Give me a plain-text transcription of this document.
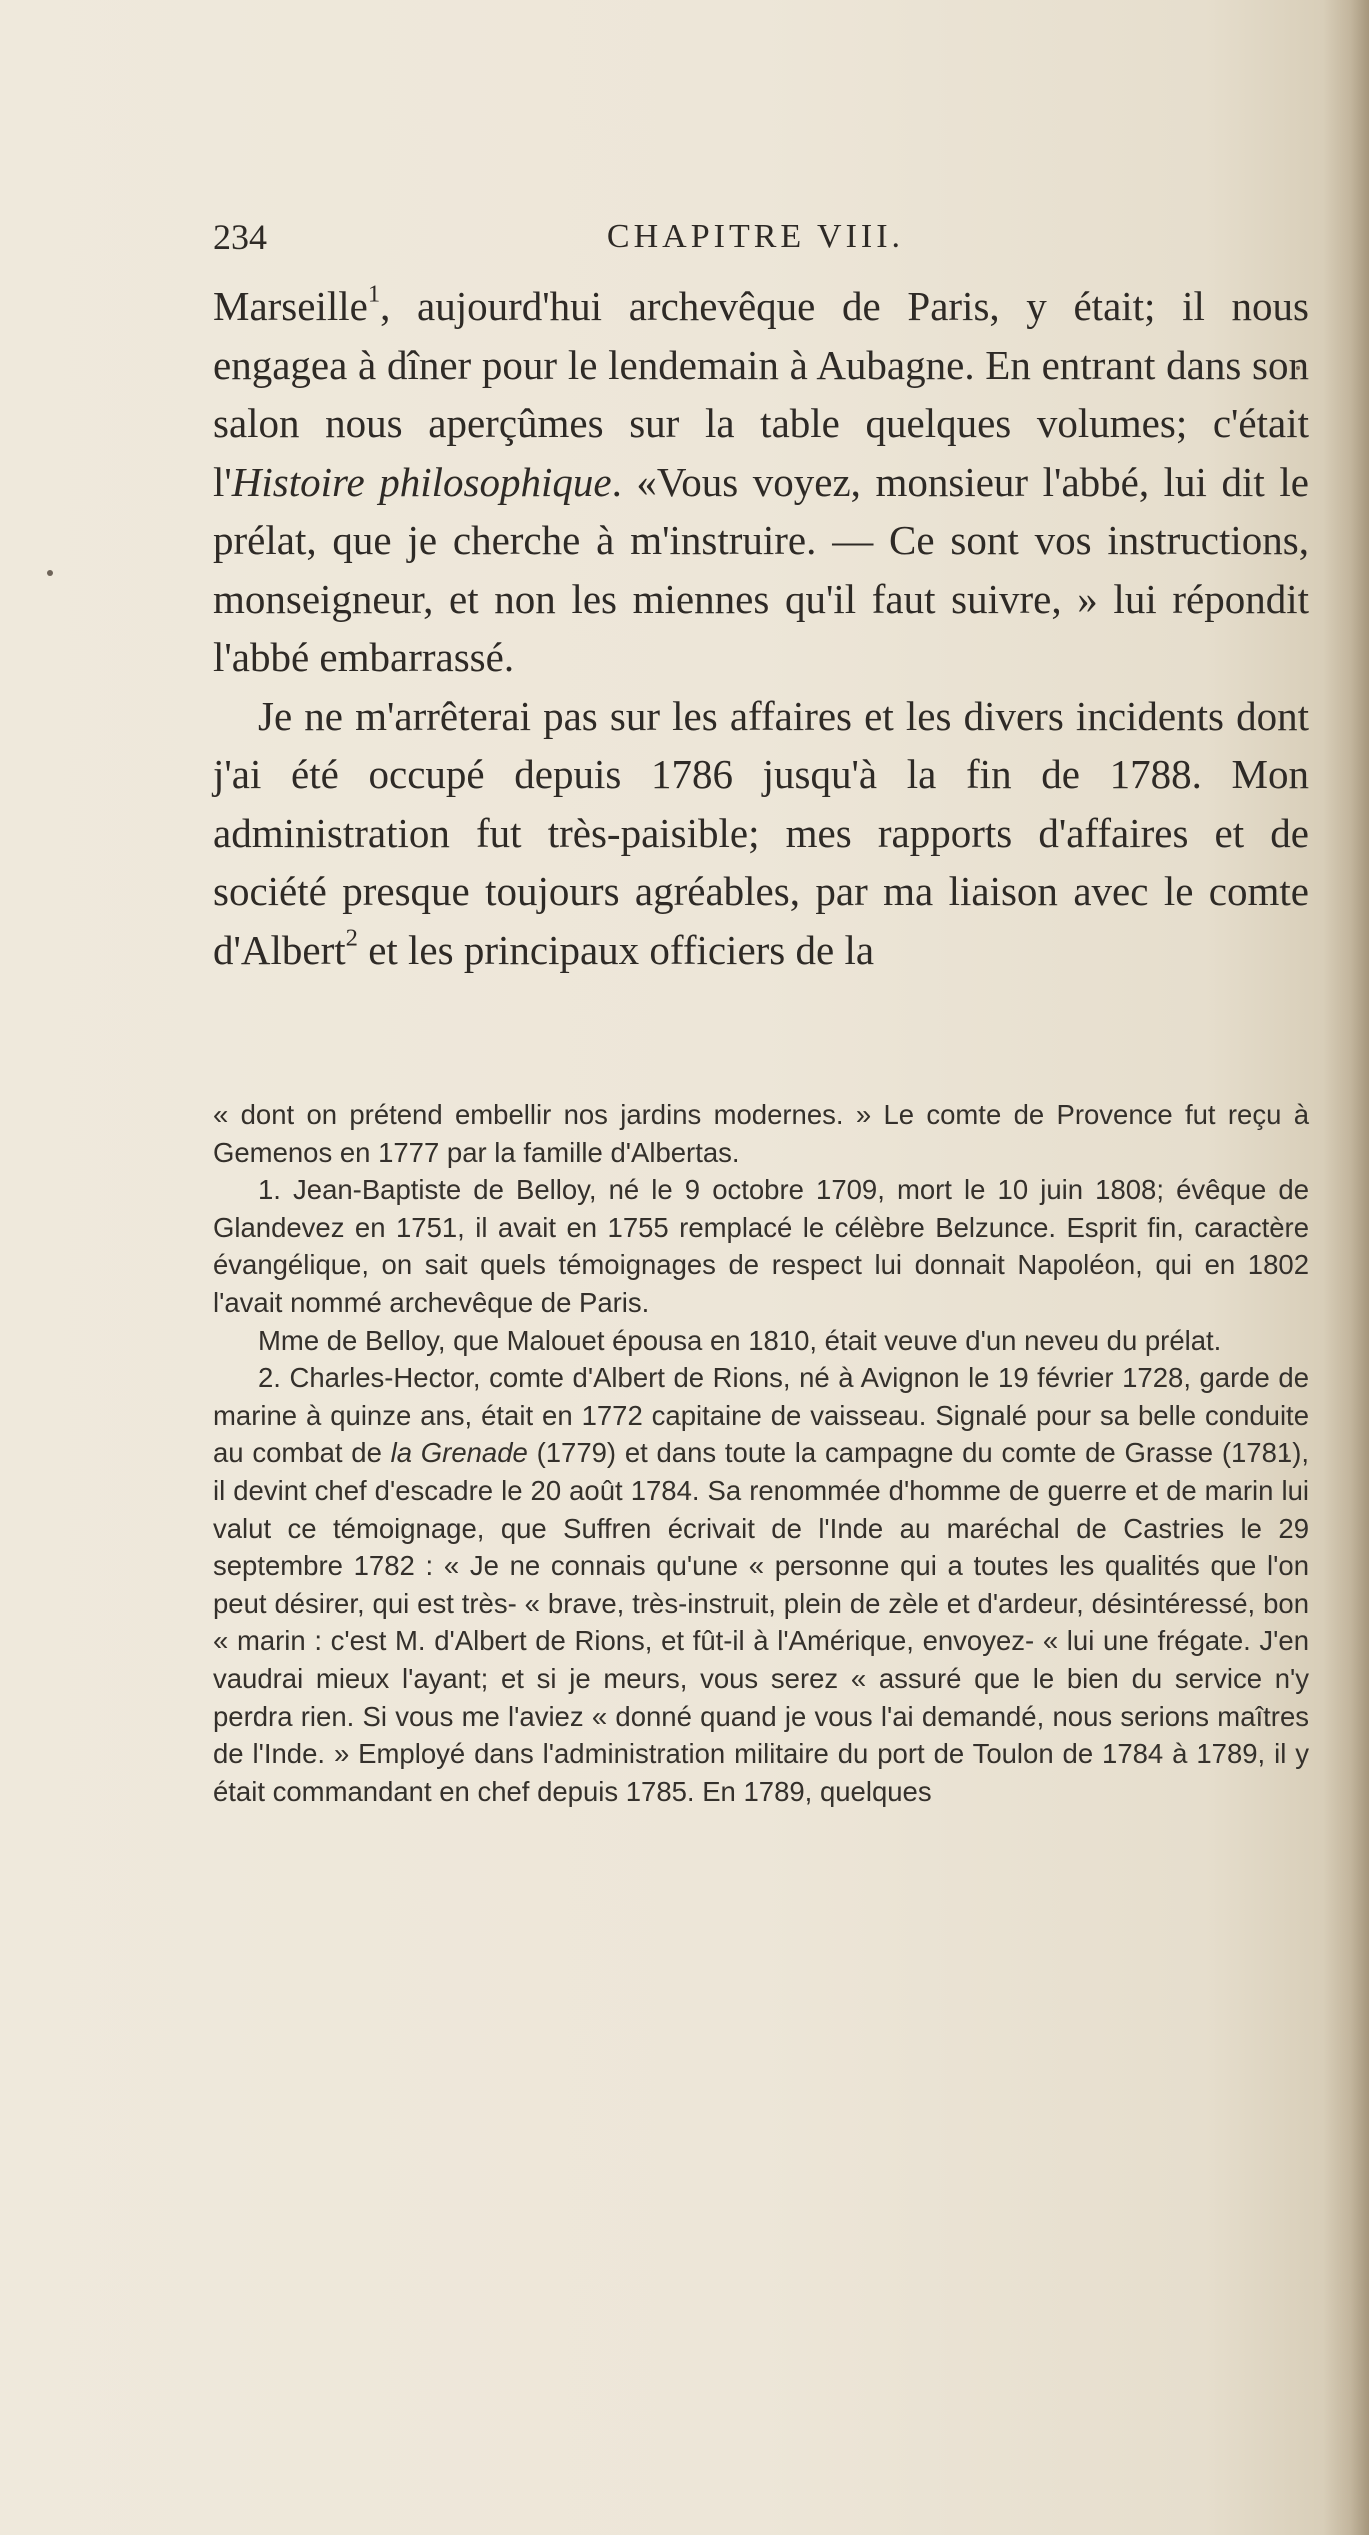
234	CHAPITRE VIII.

Marseille$^1$, aujourd'hui archevêque de Paris, y était; il nous engagea à dîner pour le lendemain à Aubagne. En entrant dans son salon nous aperçûmes sur la table quelques volumes; c'était l'Histoire philosophique. «Vous voyez, monsieur l'abbé, lui dit le prélat, que je cherche à m'instruire. — Ce sont vos instructions, monseigneur, et non les miennes qu'il faut suivre, » lui répondit l'abbé embarrassé.

Je ne m'arrêterai pas sur les affaires et les divers incidents dont j'ai été occupé depuis 1786 jusqu'à la fin de 1788. Mon administration fut très-paisible; mes rapports d'affaires et de société presque toujours agréables, par ma liaison avec le comte d'Albert$^2$ et les principaux officiers de la

« dont on prétend embellir nos jardins modernes. » Le comte de Provence fut reçu à Gemenos en 1777 par la famille d'Albertas.

1. Jean-Baptiste de Belloy, né le 9 octobre 1709, mort le 10 juin 1808; évêque de Glandevez en 1751, il avait en 1755 remplacé le célèbre Belzunce. Esprit fin, caractère évangélique, on sait quels témoignages de respect lui donnait Napoléon, qui en 1802 l'avait nommé archevêque de Paris.

Mme de Belloy, que Malouet épousa en 1810, était veuve d'un neveu du prélat.

2. Charles-Hector, comte d'Albert de Rions, né à Avignon le 19 février 1728, garde de marine à quinze ans, était en 1772 capitaine de vaisseau. Signalé pour sa belle conduite au combat de la Grenade (1779) et dans toute la campagne du comte de Grasse (1781), il devint chef d'escadre le 20 août 1784. Sa renommée d'homme de guerre et de marin lui valut ce témoignage, que Suffren écrivait de l'Inde au maréchal de Castries le 29 septembre 1782 : « Je ne connais qu'une « personne qui a toutes les qualités que l'on peut désirer, qui est très- « brave, très-instruit, plein de zèle et d'ardeur, désintéressé, bon « marin : c'est M. d'Albert de Rions, et fût-il à l'Amérique, envoyez- « lui une frégate. J'en vaudrai mieux l'ayant; et si je meurs, vous serez « assuré que le bien du service n'y perdra rien. Si vous me l'aviez « donné quand je vous l'ai demandé, nous serions maîtres de l'Inde. » Employé dans l'administration militaire du port de Toulon de 1784 à 1789, il y était commandant en chef depuis 1785. En 1789, quelques
